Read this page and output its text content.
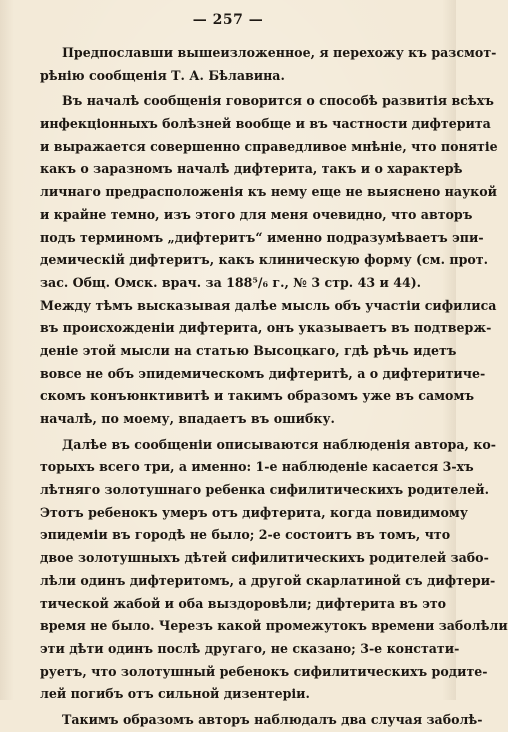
— 257 —
Предпославши вышеизложенное, я перехожу къ разсмот-
рѣнію сообщенія Т. А. Бѣлавина.
Въ началѣ сообщенія говорится о способѣ развитія всѣхъ
инфекціонныхъ болѣзней вообще и въ частности дифтерита
и выражается совершенно справедливое мнѣніе, что понятіе
какъ о заразномъ началѣ дифтерита, такъ и о характерѣ
личнаго предрасположенія къ нему еще не выяснено наукой
и крайне темно, изъ этого для меня очевидно, что авторъ
подъ терминомъ „дифтеритъ“ именно подразумѣваетъ эпи-
демическій дифтеритъ, какъ клиническую форму (см. прот.
зас. Общ. Омск. врач. за 188⁵/₆ г., № 3 стр. 43 и 44).
Между тѣмъ высказывая далѣе мысль объ участіи сифилиса
въ происхожденіи дифтерита, онъ указываетъ въ подтверж-
деніе этой мысли на статью Высоцкаго, гдѣ рѣчь идетъ
вовсе не объ эпидемическомъ дифтеритѣ, а о дифтеритиче-
скомъ конъюнктивитѣ и такимъ образомъ уже въ самомъ
началѣ, по моему, впадаетъ въ ошибку.
Далѣе въ сообщеніи описываются наблюденія автора, ко-
торыхъ всего три, а именно: 1-е наблюденіе касается 3-хъ
лѣтняго золотушнаго ребенка сифилитическихъ родителей.
Этотъ ребенокъ умеръ отъ дифтерита, когда повидимому
эпидеміи въ городѣ не было; 2-е состоитъ въ томъ, что
двое золотушныхъ дѣтей сифилитическихъ родителей забо-
лѣли одинъ дифтеритомъ, а другой скарлатиной съ дифтери-
тической жабой и оба выздоровѣли; дифтерита въ это
время не было. Черезъ какой промежутокъ времени заболѣли
эти дѣти одинъ послѣ другаго, не сказано; 3-е констати-
руетъ, что золотушный ребенокъ сифилитическихъ родите-
лей погибъ отъ сильной дизентеріи.
Такимъ образомъ авторъ наблюдалъ два случая заболѣ-
